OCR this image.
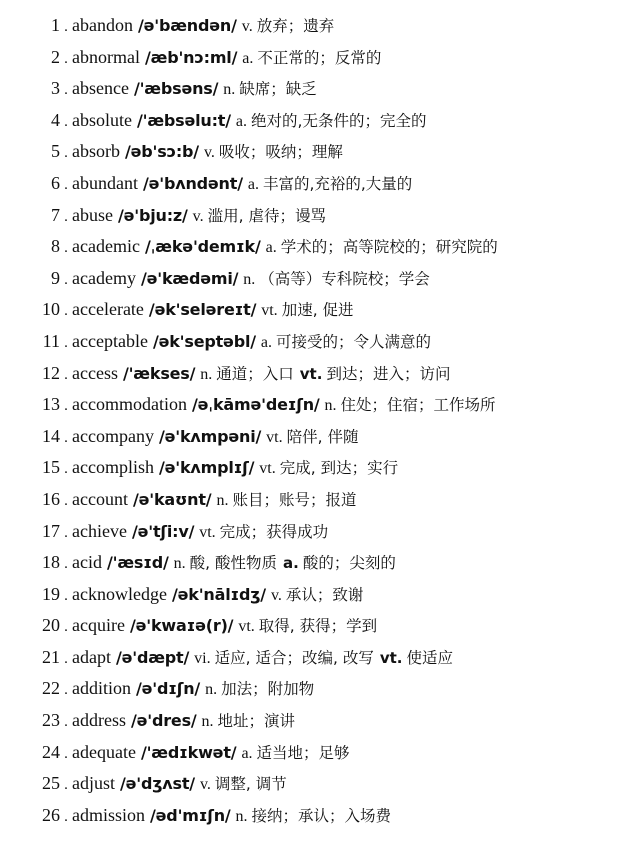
1 . abandon /ə'bændən/ v. 放弃；遗弃
2 . abnormal /æb'nɔ:ml/ a. 不正常的；反常的
3 . absence /'æbsəns/ n. 缺席；缺乏
4 . absolute /'æbsəlu:t/ a. 绝对的,无条件的；完全的
5 . absorb /əb'sɔ:b/ v. 吸收；吸纳；理解
6 . abundant /ə'bʌndənt/ a. 丰富的,充裕的,大量的
7 . abuse /ə'bju:z/ v. 滥用, 虐待；谩骂
8 . academic /ˌækə'demɪk/ a. 学术的；高等院校的；研究院的
9 . academy /ə'kædəmi/ n. （高等）专科院校；学会
10 . accelerate /ək'seləreɪt/ vt. 加速, 促进
11 . acceptable /ək'septəbl/ a. 可接受的；令人满意的
12 . access /'ækses/ n. 通道；入口 vt. 到达；进入；访问
13 . accommodation /əˌkāmə'deɪʃn/ n. 住处；住宿；工作场所
14 . accompany /ə'kʌmpəni/ vt. 陪伴, 伴随
15 . accomplish /ə'kʌmplɪʃ/ vt. 完成, 到达；实行
16 . account /ə'kaʊnt/ n. 账目；账号；报道
17 . achieve /ə'tʃi:v/ vt. 完成；获得成功
18 . acid /'æsɪd/ n. 酸, 酸性物质 a. 酸的；尖刻的
19 . acknowledge /ək'nālɪdʒ/ v. 承认；致谢
20 . acquire /ə'kwaɪə(r)/ vt. 取得, 获得；学到
21 . adapt /ə'dæpt/ vi. 适应, 适合；改编, 改写 vt. 使适应
22 . addition /ə'dɪʃn/ n. 加法；附加物
23 . address /ə'dres/ n. 地址；演讲
24 . adequate /'ædɪkwət/ a. 适当地；足够
25 . adjust /ə'dʒʌst/ v. 调整, 调节
26 . admission /əd'mɪʃn/ n. 接纳；承认；入场费
